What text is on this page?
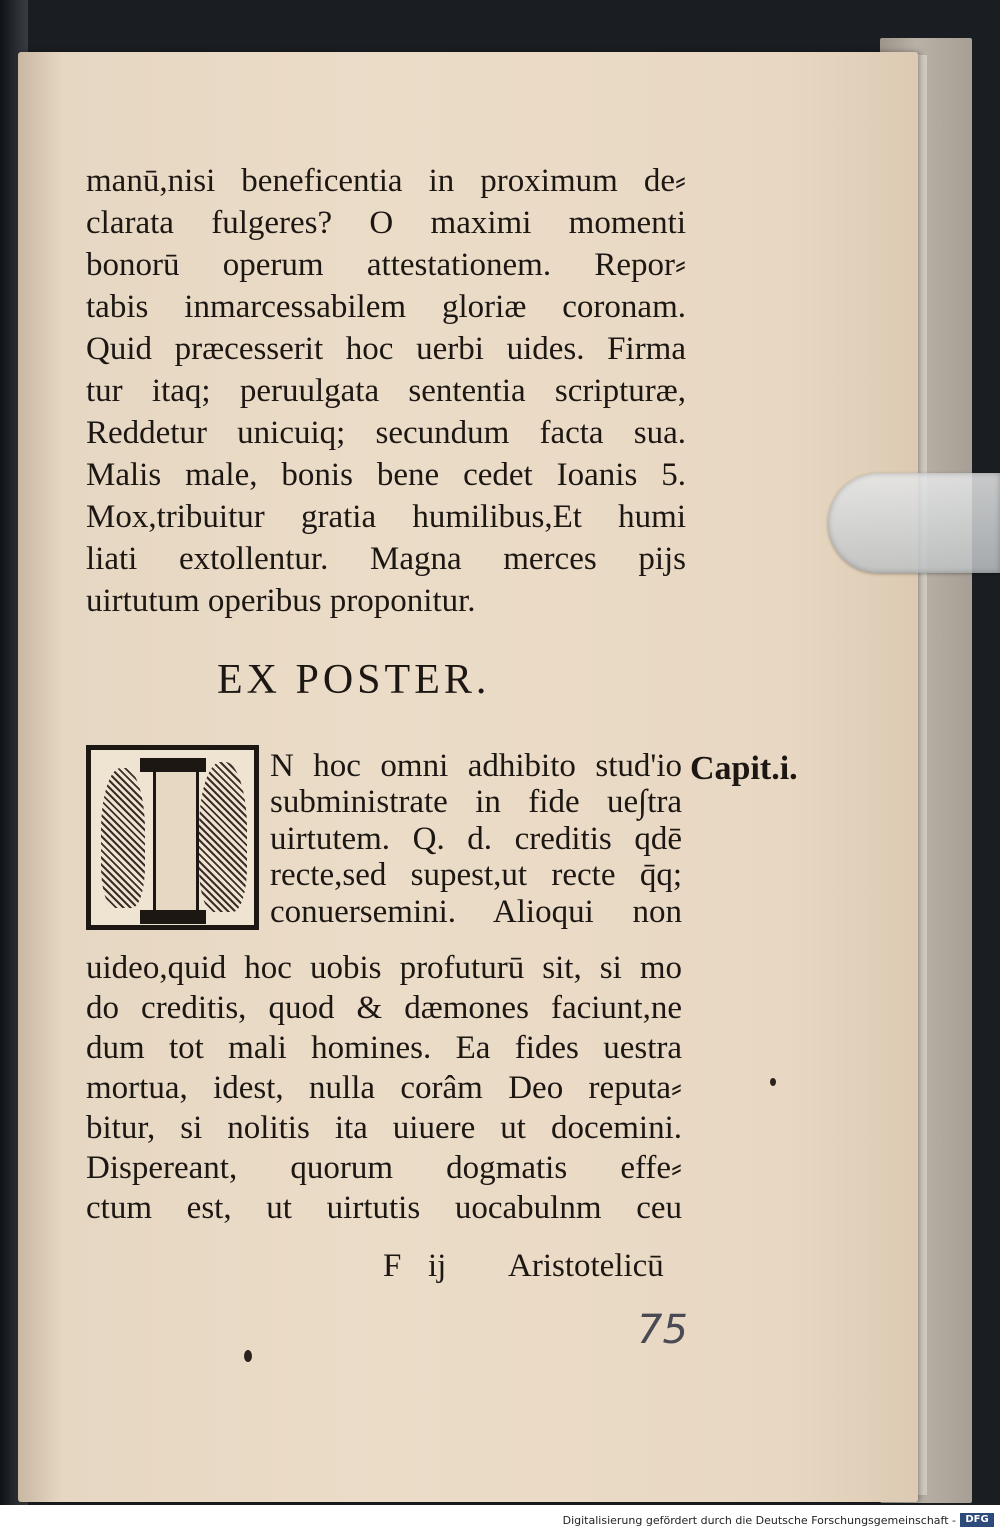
manū,nisi beneficentia in proximum de⸗
clarata fulgeres? O maximi momenti
bonorū operum attestationem. Repor⸗
tabis inmarcessabilem gloriæ coronam.
Quid præcesserit hoc uerbi uides. Firma
tur itaq; peruulgata sententia scripturæ,
Reddetur unicuiq; secundum facta sua.
Malis male, bonis bene cedet Ioanis 5.
Mox,tribuitur gratia humilibus,Et humi
liati extollentur. Magna merces pijs
uirtutum operibus proponitur.
EX POSTER.
N hoc omni adhibito stud'io
subministrate in fide ue∫tra
uirtutem. Q. d. creditis qdē
recte,sed supest,ut recte q̄q;
conuersemini. Alioqui non
Capit.i.
uideo,quid hoc uobis profuturū sit, si mo
do creditis, quod & dæmones faciunt,ne
dum tot mali homines. Ea fides uestra
mortua, idest, nulla corâm Deo reputa⸗
bitur, si nolitis ita uiuere ut docemini.
Dispereant, quorum dogmatis effe⸗
ctum est, ut uirtutis uocabulnm ceu
F ij Aristotelicū
75
Digitalisierung gefördert durch die Deutsche Forschungsgemeinschaft - DFG
